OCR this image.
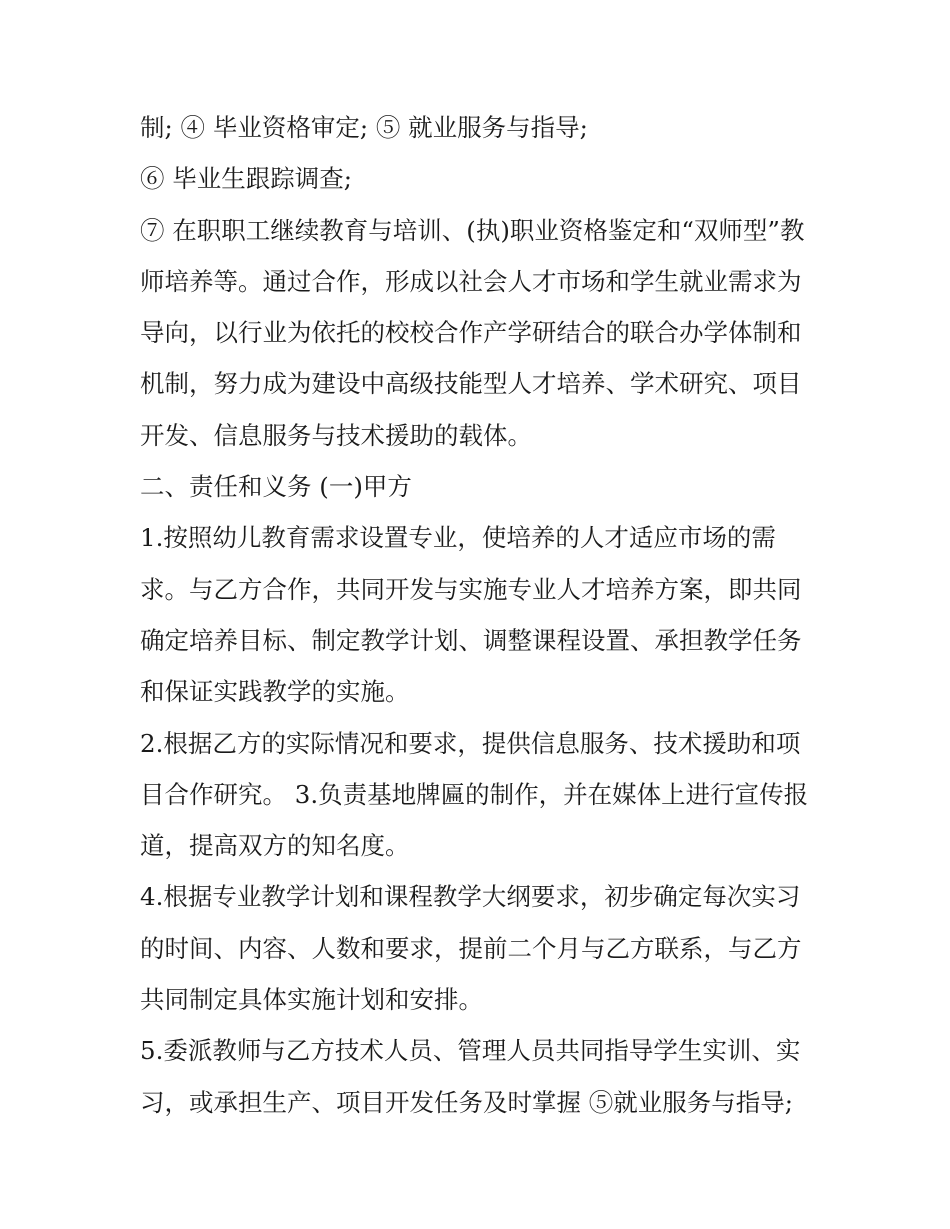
制; ④ 毕业资格审定; ⑤ 就业服务与指导;
⑥ 毕业生跟踪调查;
⑦ 在职职工继续教育与培训、(执)职业资格鉴定和“双师型”教
师培养等。通过合作，形成以社会人才市场和学生就业需求为
导向，以行业为依托的校校合作产学研结合的联合办学体制和
机制，努力成为建设中高级技能型人才培养、学术研究、项目
开发、信息服务与技术援助的载体。
二、责任和义务 (一)甲方
1.按照幼儿教育需求设置专业，使培养的人才适应市场的需
求。与乙方合作，共同开发与实施专业人才培养方案，即共同
确定培养目标、制定教学计划、调整课程设置、承担教学任务
和保证实践教学的实施。
2.根据乙方的实际情况和要求，提供信息服务、技术援助和项
目合作研究。 3.负责基地牌匾的制作，并在媒体上进行宣传报
道，提高双方的知名度。
4.根据专业教学计划和课程教学大纲要求，初步确定每次实习
的时间、内容、人数和要求，提前二个月与乙方联系，与乙方
共同制定具体实施计划和安排。
5.委派教师与乙方技术人员、管理人员共同指导学生实训、实
习，或承担生产、项目开发任务及时掌握 ⑤就业服务与指导;
